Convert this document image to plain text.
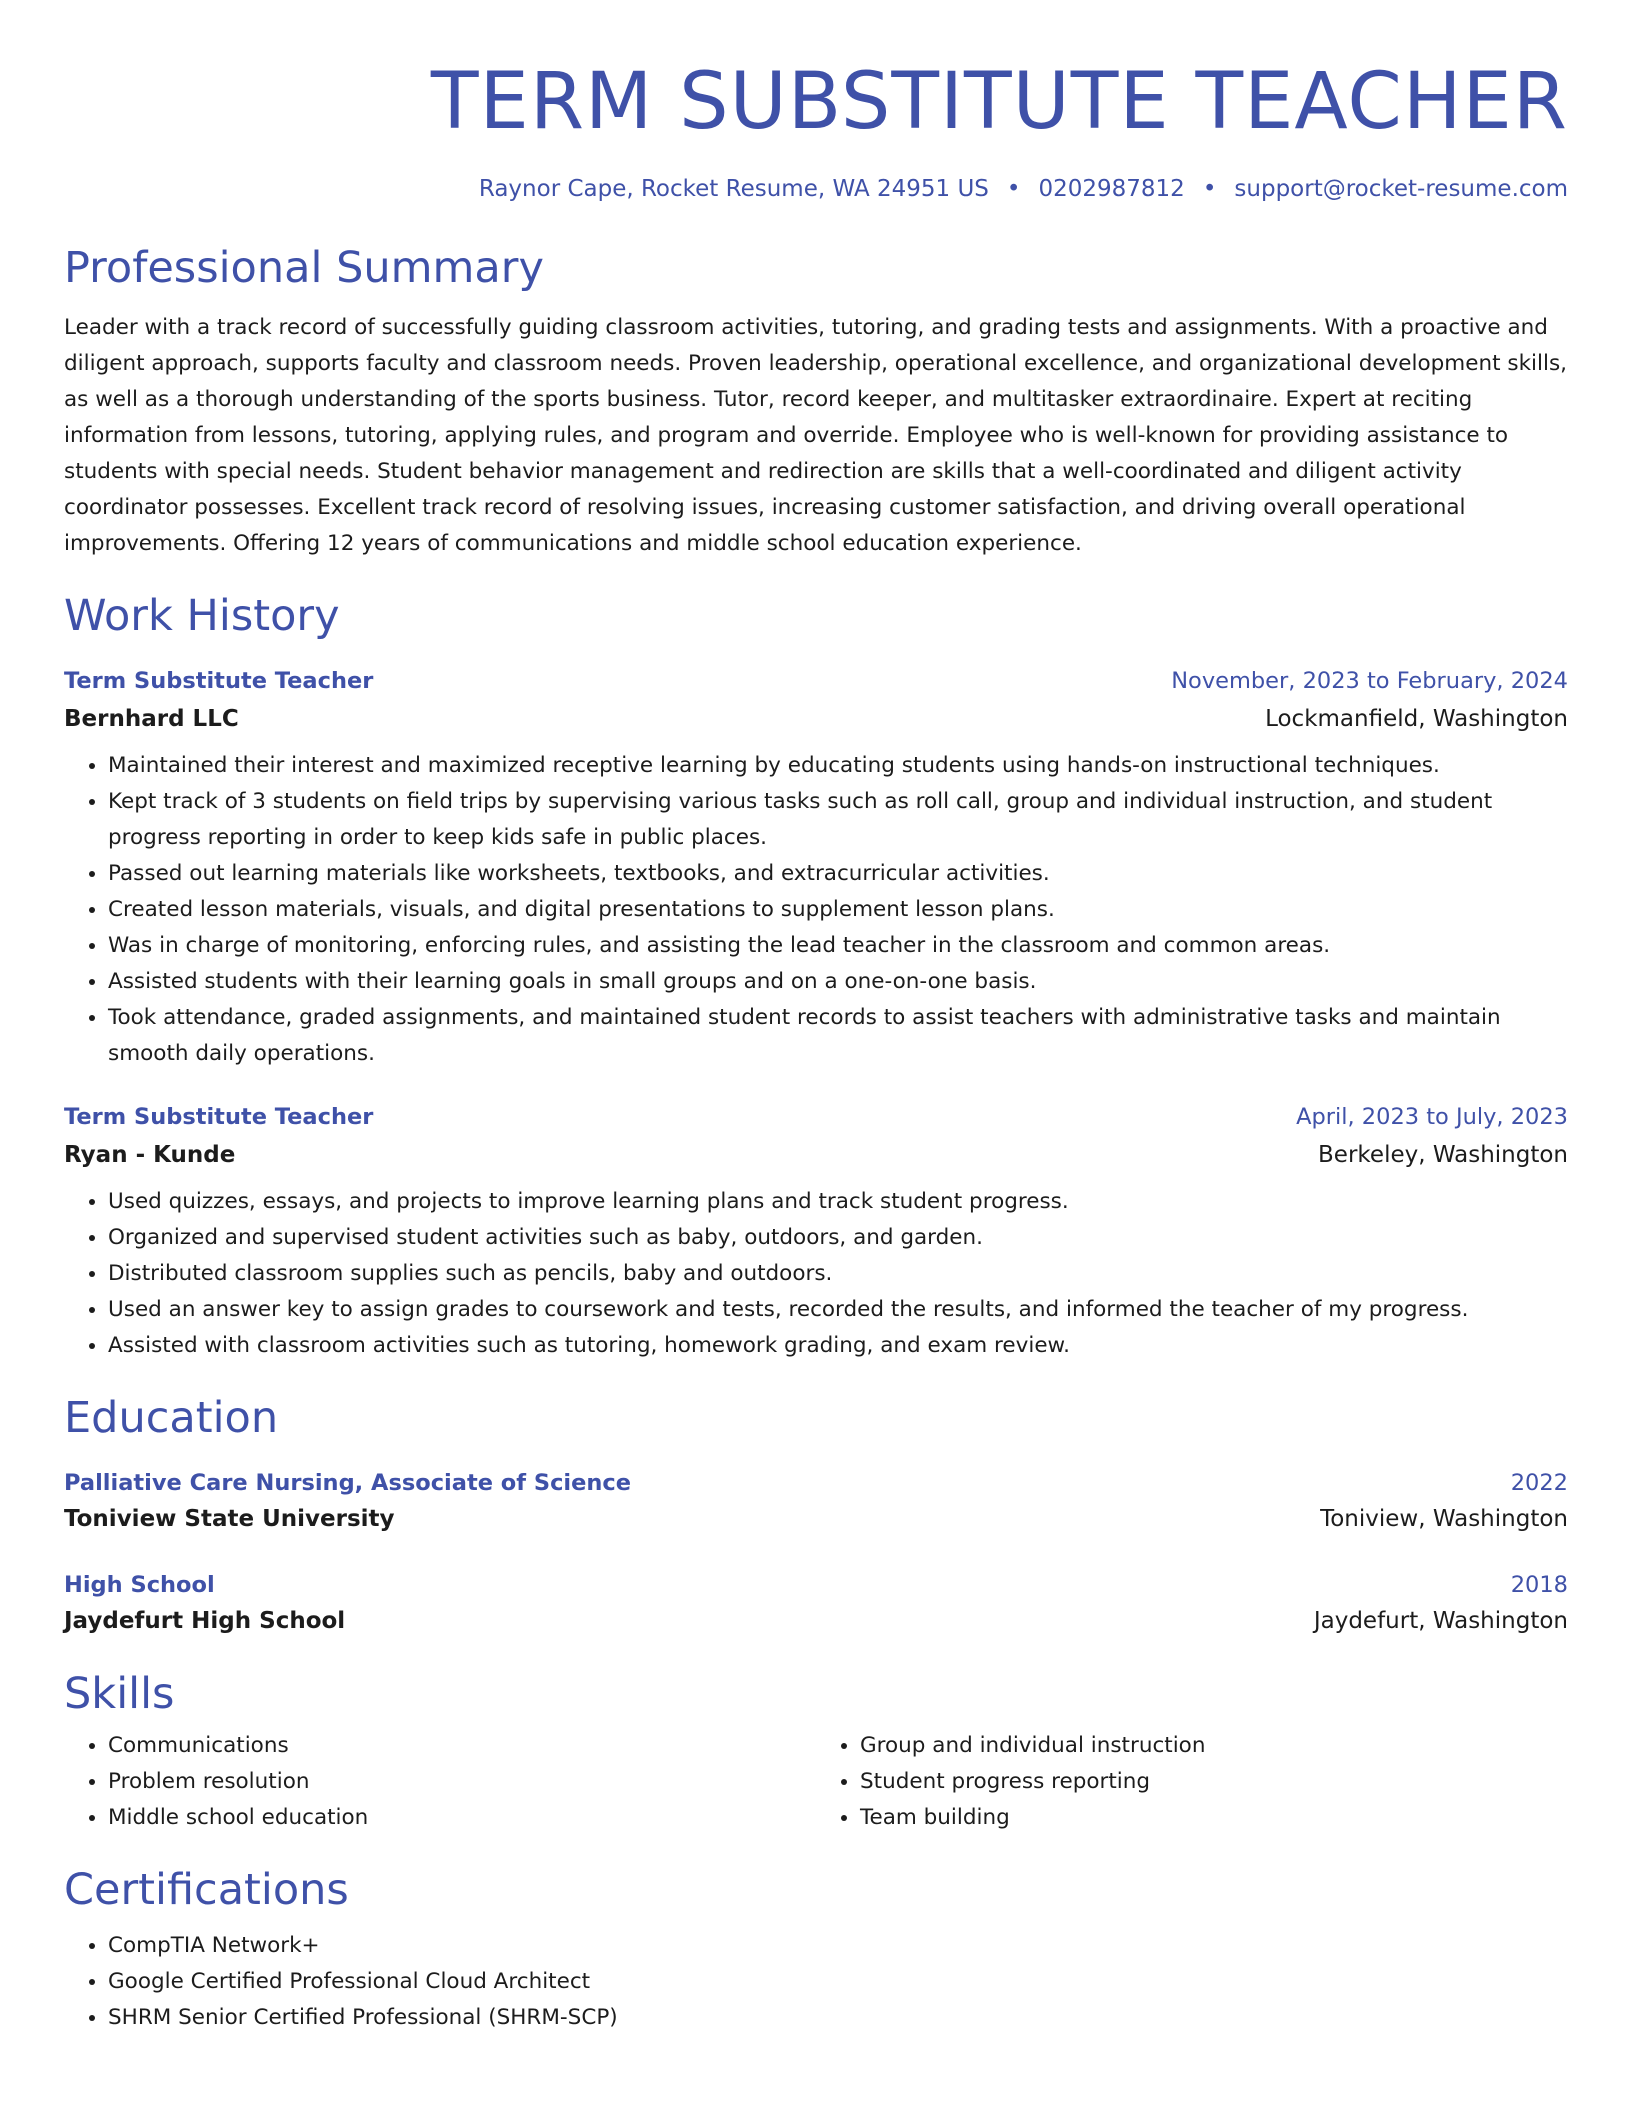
TERM SUBSTITUTE TEACHER
Raynor Cape, Rocket Resume, WA 24951 US • 0202987812 • support@rocket-resume.com
Professional Summary
Leader with a track record of successfully guiding classroom activities, tutoring, and grading tests and assignments. With a proactive and diligent approach, supports faculty and classroom needs. Proven leadership, operational excellence, and organizational development skills, as well as a thorough understanding of the sports business. Tutor, record keeper, and multitasker extraordinaire. Expert at reciting information from lessons, tutoring, applying rules, and program and override. Employee who is well-known for providing assistance to students with special needs. Student behavior management and redirection are skills that a well-coordinated and diligent activity coordinator possesses. Excellent track record of resolving issues, increasing customer satisfaction, and driving overall operational improvements. Offering 12 years of communications and middle school education experience.
Work History
Term Substitute Teacher	November, 2023 to February, 2024
Bernhard LLC	Lockmanfield, Washington
• Maintained their interest and maximized receptive learning by educating students using hands-on instructional techniques.
• Kept track of 3 students on field trips by supervising various tasks such as roll call, group and individual instruction, and student progress reporting in order to keep kids safe in public places.
• Passed out learning materials like worksheets, textbooks, and extracurricular activities.
• Created lesson materials, visuals, and digital presentations to supplement lesson plans.
• Was in charge of monitoring, enforcing rules, and assisting the lead teacher in the classroom and common areas.
• Assisted students with their learning goals in small groups and on a one-on-one basis.
• Took attendance, graded assignments, and maintained student records to assist teachers with administrative tasks and maintain smooth daily operations.
Term Substitute Teacher	April, 2023 to July, 2023
Ryan - Kunde	Berkeley, Washington
• Used quizzes, essays, and projects to improve learning plans and track student progress.
• Organized and supervised student activities such as baby, outdoors, and garden.
• Distributed classroom supplies such as pencils, baby and outdoors.
• Used an answer key to assign grades to coursework and tests, recorded the results, and informed the teacher of my progress.
• Assisted with classroom activities such as tutoring, homework grading, and exam review.
Education
Palliative Care Nursing, Associate of Science	2022
Toniview State University	Toniview, Washington
High School	2018
Jaydefurt High School	Jaydefurt, Washington
Skills
• Communications
• Problem resolution
• Middle school education
• Group and individual instruction
• Student progress reporting
• Team building
Certifications
• CompTIA Network+
• Google Certified Professional Cloud Architect
• SHRM Senior Certified Professional (SHRM-SCP)
